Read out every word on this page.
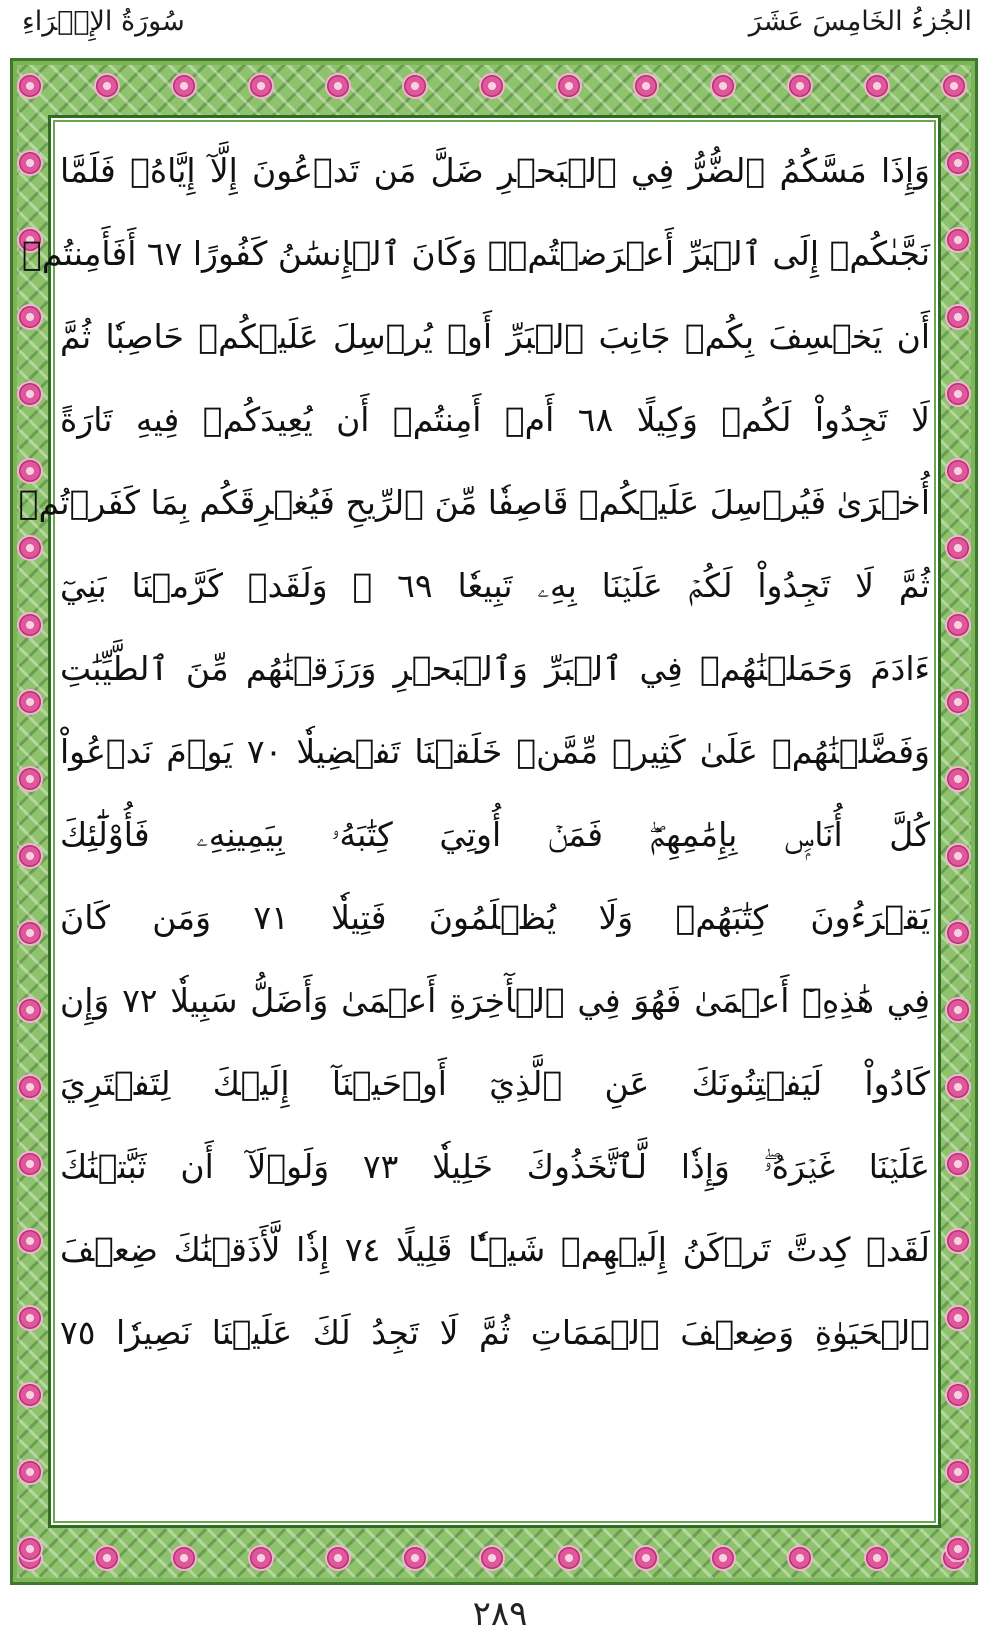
الجُزءُ الخَامِسَ عَشَرَ
سُورَةُ الإِسۡرَاءِ
وَإِذَا مَسَّكُمُ ٱلضُّرُّ فِي ٱلۡبَحۡرِ ضَلَّ مَن تَدۡعُونَ إِلَّآ إِيَّاهُۖ فَلَمَّا
نَجَّىٰكُمۡ إِلَى ٱلۡبَرِّ أَعۡرَضۡتُمۡۚ وَكَانَ ٱلۡإِنسَٰنُ كَفُورًا ٦٧ أَفَأَمِنتُمۡ
أَن يَخۡسِفَ بِكُمۡ جَانِبَ ٱلۡبَرِّ أَوۡ يُرۡسِلَ عَلَيۡكُمۡ حَاصِبٗا ثُمَّ
لَا تَجِدُواْ لَكُمۡ وَكِيلًا ٦٨ أَمۡ أَمِنتُمۡ أَن يُعِيدَكُمۡ فِيهِ تَارَةً
أُخۡرَىٰ فَيُرۡسِلَ عَلَيۡكُمۡ قَاصِفٗا مِّنَ ٱلرِّيحِ فَيُغۡرِقَكُم بِمَا كَفَرۡتُمۡ
ثُمَّ لَا تَجِدُواْ لَكُمۡ عَلَيۡنَا بِهِۦ تَبِيعٗا ٦٩ ۞ وَلَقَدۡ كَرَّمۡنَا بَنِيٓ
ءَادَمَ وَحَمَلۡنَٰهُمۡ فِي ٱلۡبَرِّ وَٱلۡبَحۡرِ وَرَزَقۡنَٰهُم مِّنَ ٱلطَّيِّبَٰتِ
وَفَضَّلۡنَٰهُمۡ عَلَىٰ كَثِيرٖ مِّمَّنۡ خَلَقۡنَا تَفۡضِيلٗا ٧٠ يَوۡمَ نَدۡعُواْ
كُلَّ أُنَاسِۭ بِإِمَٰمِهِمۡۖ فَمَنۡ أُوتِيَ كِتَٰبَهُۥ بِيَمِينِهِۦ فَأُوْلَٰٓئِكَ
يَقۡرَءُونَ كِتَٰبَهُمۡ وَلَا يُظۡلَمُونَ فَتِيلٗا ٧١ وَمَن كَانَ
فِي هَٰذِهِۦٓ أَعۡمَىٰ فَهُوَ فِي ٱلۡأٓخِرَةِ أَعۡمَىٰ وَأَضَلُّ سَبِيلٗا ٧٢ وَإِن
كَادُواْ لَيَفۡتِنُونَكَ عَنِ ٱلَّذِيٓ أَوۡحَيۡنَآ إِلَيۡكَ لِتَفۡتَرِيَ
عَلَيۡنَا غَيۡرَهُۥۖ وَإِذٗا لَّٱتَّخَذُوكَ خَلِيلٗا ٧٣ وَلَوۡلَآ أَن ثَبَّتۡنَٰكَ
لَقَدۡ كِدتَّ تَرۡكَنُ إِلَيۡهِمۡ شَيۡـٔٗا قَلِيلًا ٧٤ إِذٗا لَّأَذَقۡنَٰكَ ضِعۡفَ
ٱلۡحَيَوٰةِ وَضِعۡفَ ٱلۡمَمَاتِ ثُمَّ لَا تَجِدُ لَكَ عَلَيۡنَا نَصِيرٗا ٧٥
٢٨٩
